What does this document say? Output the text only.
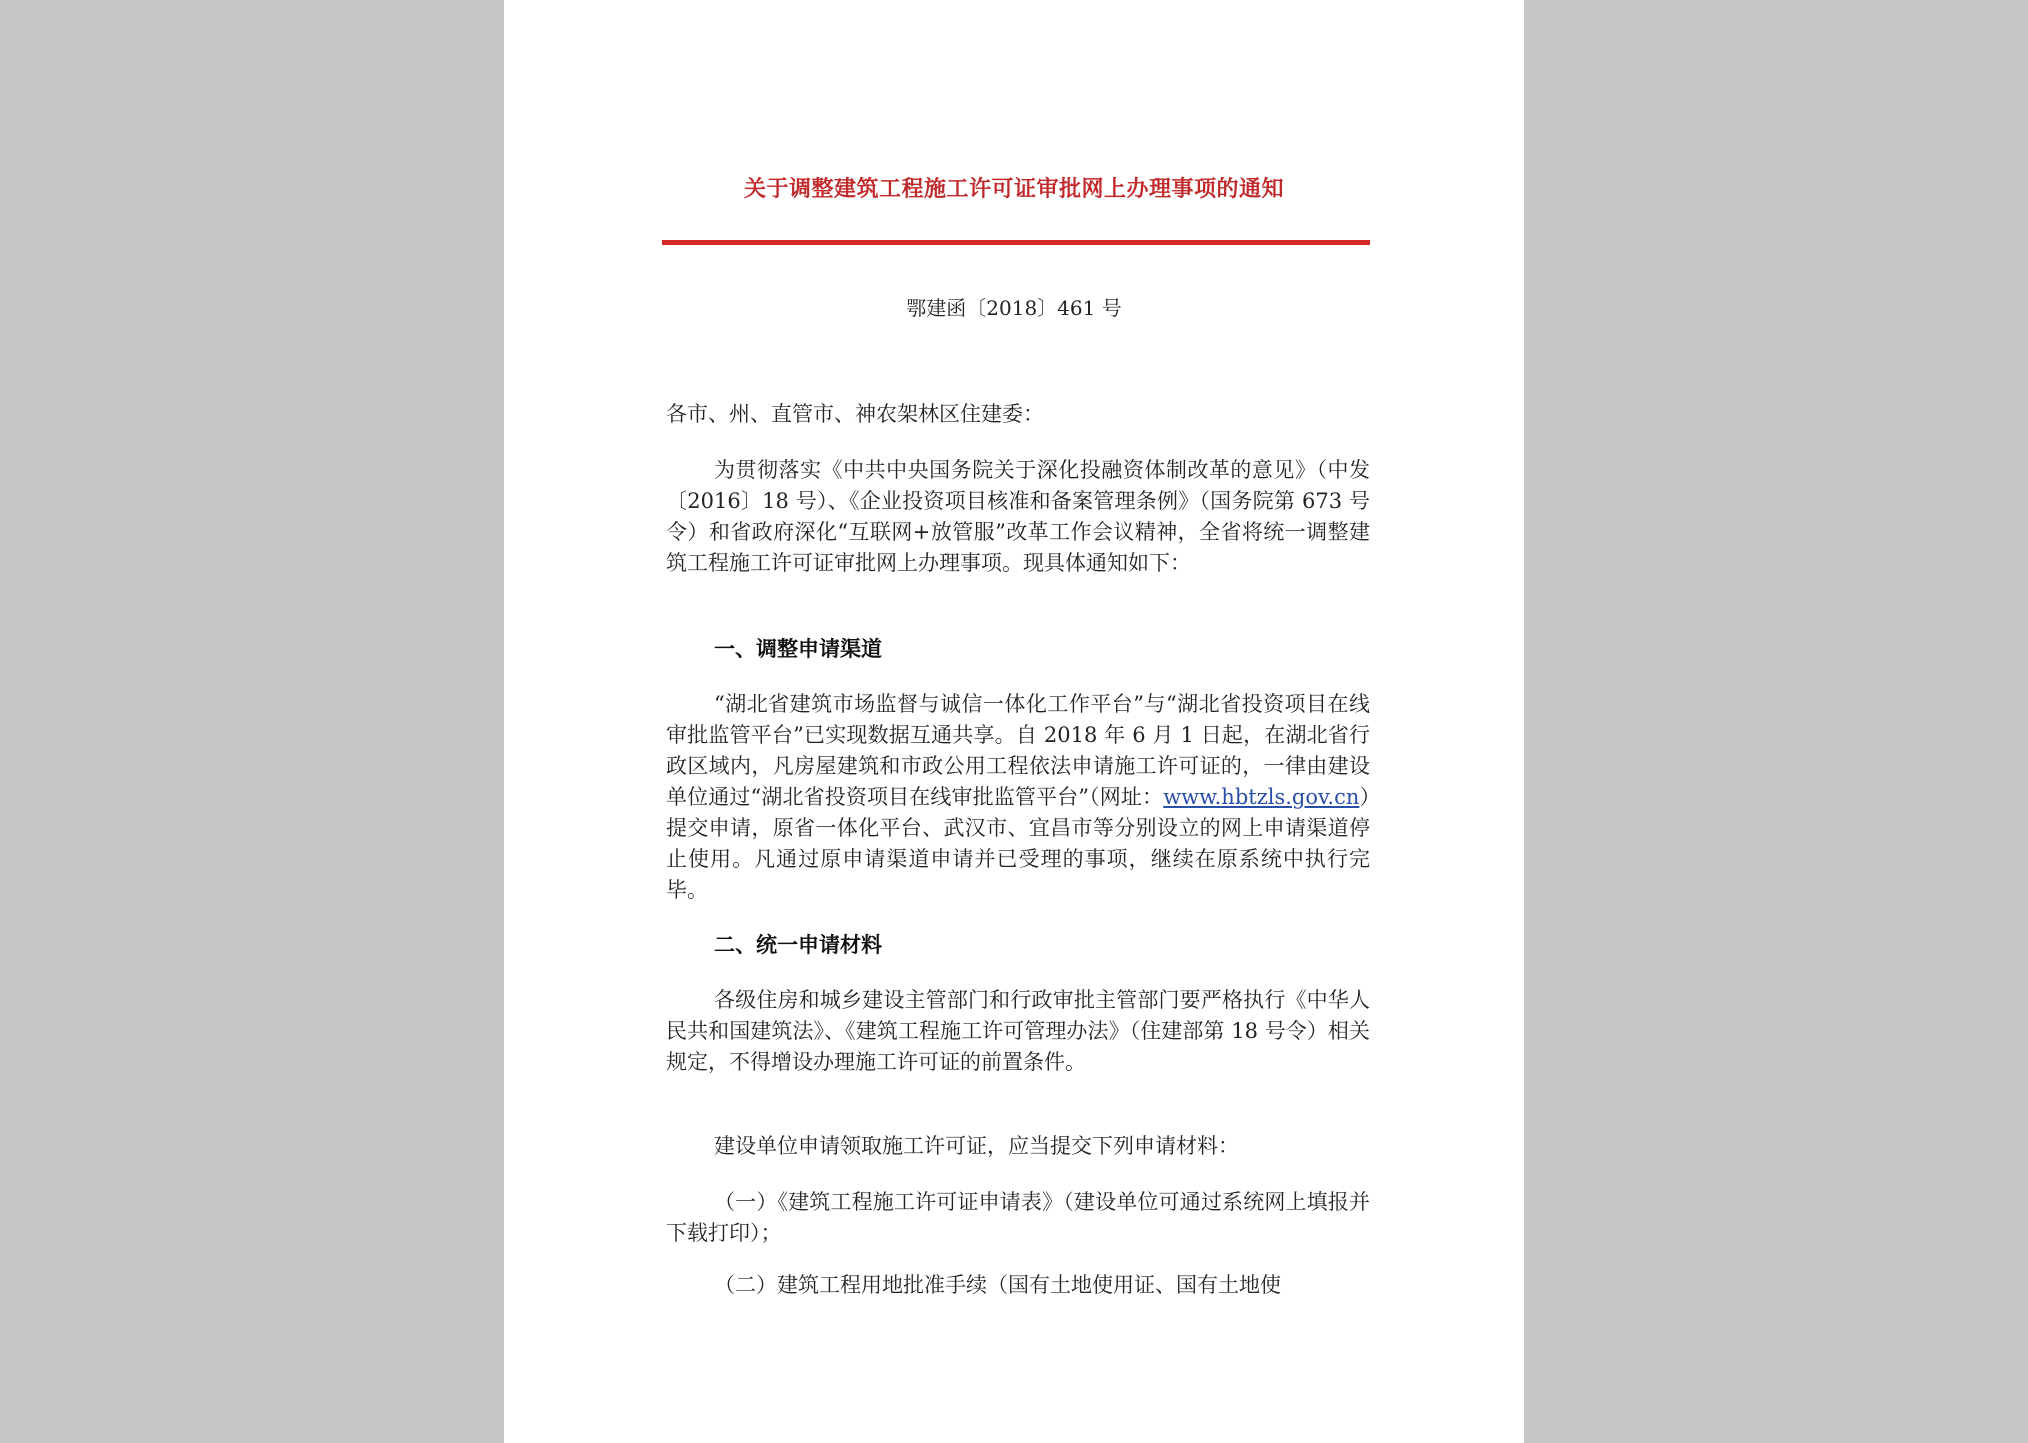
关于调整建筑工程施工许可证审批网上办理事项的通知
鄂建函〔2018〕461 号
各市、州、直管市、神农架林区住建委：
为贯彻落实《中共中央国务院关于深化投融资体制改革的意见》（中发〔2016〕18 号）、《企业投资项目核准和备案管理条例》（国务院第 673 号令）和省政府深化“互联网+放管服”改革工作会议精神，全省将统一调整建筑工程施工许可证审批网上办理事项。现具体通知如下：
一、调整申请渠道
“湖北省建筑市场监督与诚信一体化工作平台”与“湖北省投资项目在线审批监管平台”已实现数据互通共享。自 2018 年 6 月 1 日起，在湖北省行政区域内，凡房屋建筑和市政公用工程依法申请施工许可证的，一律由建设单位通过“湖北省投资项目在线审批监管平台”（网址：www.hbtzls.gov.cn）提交申请，原省一体化平台、武汉市、宜昌市等分别设立的网上申请渠道停止使用。凡通过原申请渠道申请并已受理的事项，继续在原系统中执行完毕。
二、统一申请材料
各级住房和城乡建设主管部门和行政审批主管部门要严格执行《中华人民共和国建筑法》、《建筑工程施工许可管理办法》（住建部第 18 号令）相关规定，不得增设办理施工许可证的前置条件。
建设单位申请领取施工许可证，应当提交下列申请材料：
（一）《建筑工程施工许可证申请表》（建设单位可通过系统网上填报并下载打印）；
（二）建筑工程用地批准手续（国有土地使用证、国有土地使
